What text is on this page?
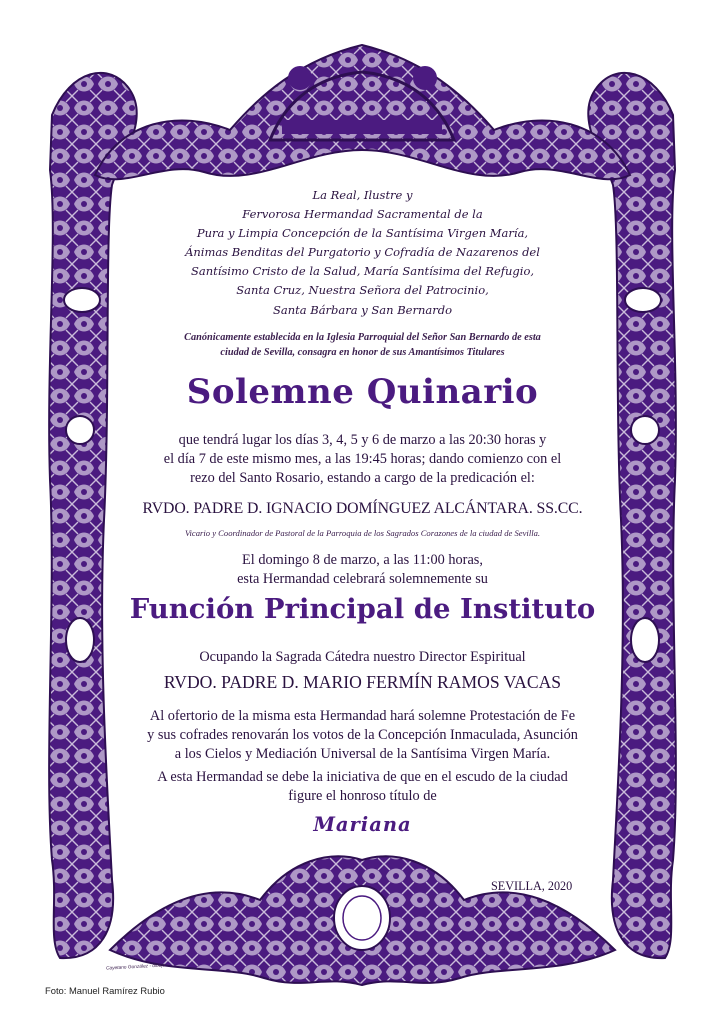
La Real, Ilustre y
Fervorosa Hermandad Sacramental de la
Pura y Limpia Concepción de la Santísima Virgen María,
Ánimas Benditas del Purgatorio y Cofradía de Nazarenos del
Santísimo Cristo de la Salud, María Santísima del Refugio,
Santa Cruz, Nuestra Señora del Patrocinio,
Santa Bárbara y San Bernardo
Canónicamente establecida en la Iglesia Parroquial del Señor San Bernardo de esta
ciudad de Sevilla, consagra en honor de sus Amantísimos Titulares
Solemne Quinario
que tendrá lugar los días 3, 4, 5 y 6 de marzo a las 20:30 horas y
el día 7 de este mismo mes, a las 19:45 horas; dando comienzo con el
rezo del Santo Rosario, estando a cargo de la predicación el:
RVDO. PADRE D. IGNACIO DOMÍNGUEZ ALCÁNTARA. SS.CC.
Vicario y Coordinador de Pastoral de la Parroquia de los Sagrados Corazones de la ciudad de Sevilla.
El domingo 8 de marzo, a las 11:00 horas,
esta Hermandad celebrará solemnemente su
Función Principal de Instituto
Ocupando la Sagrada Cátedra nuestro Director Espiritual
RVDO. PADRE D. MARIO FERMÍN RAMOS VACAS
Al ofertorio de la misma esta Hermandad hará solemne Protestación de Fe
y sus cofrades renovarán los votos de la Concepción Inmaculada, Asunción
a los Cielos y Mediación Universal de la Santísima Virgen María.
A esta Hermandad se debe la iniciativa de que en el escudo de la ciudad
figure el honroso título de
Mariana
SEVILLA, 2020
Cayetano González - dibujó
Foto: Manuel Ramírez Rubio
